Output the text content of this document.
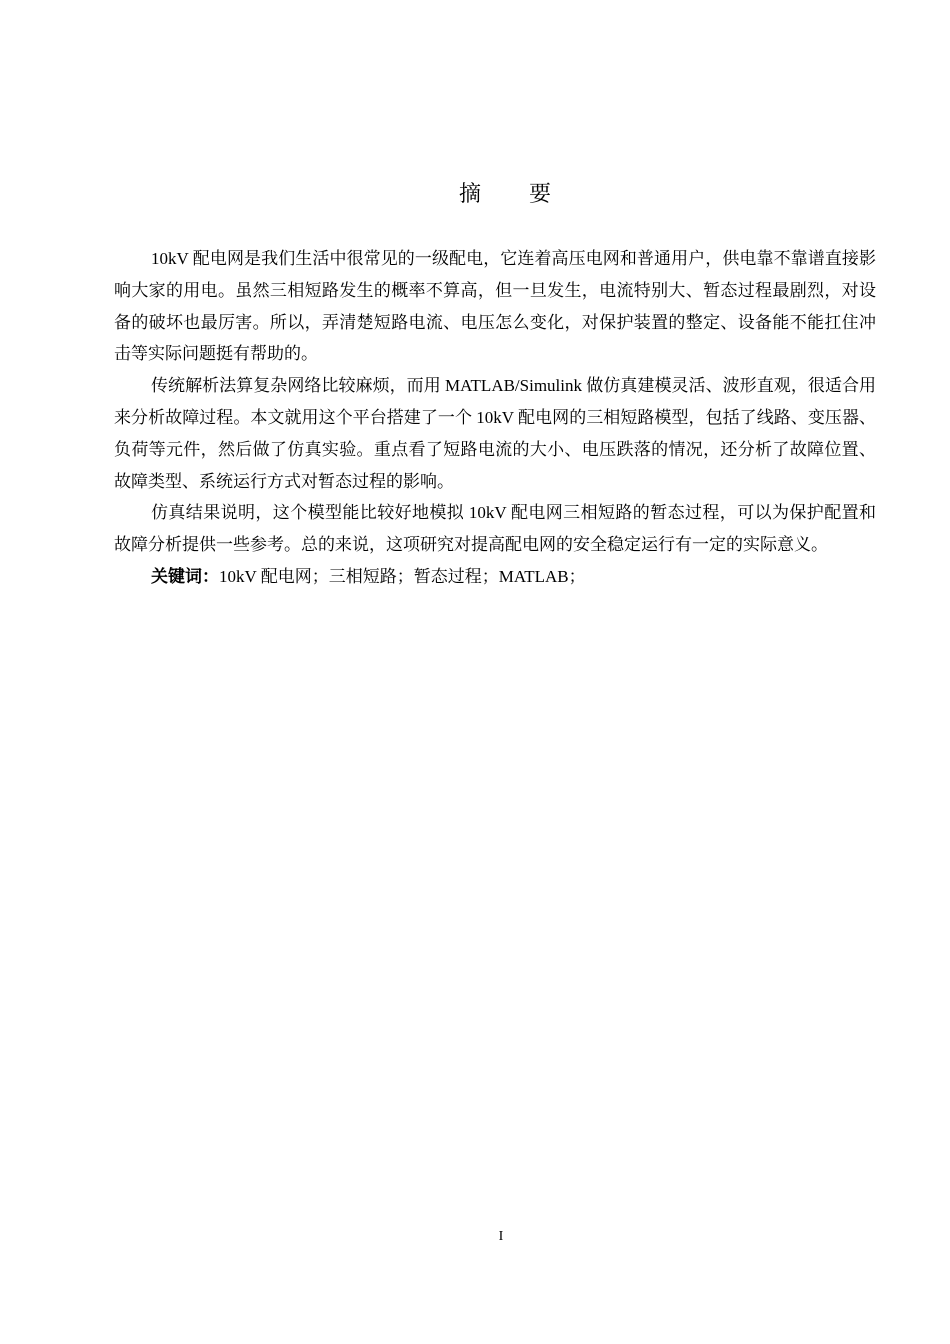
摘 要

10kV 配电网是我们生活中很常见的一级配电，它连着高压电网和普通用户，供电靠不靠谱直接影响大家的用电。虽然三相短路发生的概率不算高，但一旦发生，电流特别大、暂态过程最剧烈，对设备的破坏也最厉害。所以，弄清楚短路电流、电压怎么变化，对保护装置的整定、设备能不能扛住冲击等实际问题挺有帮助的。

传统解析法算复杂网络比较麻烦，而用 MATLAB/Simulink 做仿真建模灵活、波形直观，很适合用来分析故障过程。本文就用这个平台搭建了一个 10kV 配电网的三相短路模型，包括了线路、变压器、负荷等元件，然后做了仿真实验。重点看了短路电流的大小、电压跌落的情况，还分析了故障位置、故障类型、系统运行方式对暂态过程的影响。

仿真结果说明，这个模型能比较好地模拟 10kV 配电网三相短路的暂态过程，可以为保护配置和故障分析提供一些参考。总的来说，这项研究对提高配电网的安全稳定运行有一定的实际意义。

关键词：10kV 配电网；三相短路；暂态过程；MATLAB；

I
